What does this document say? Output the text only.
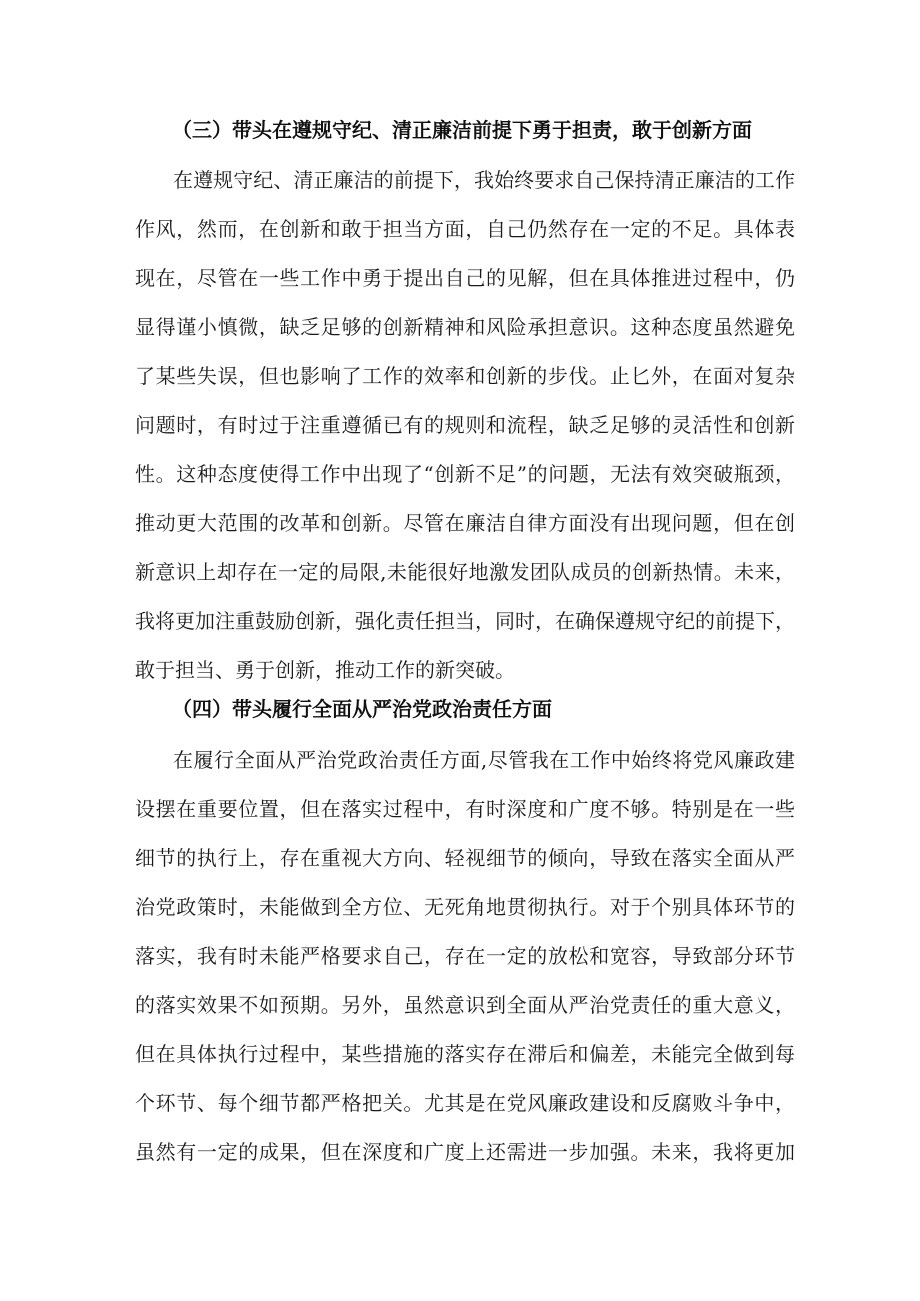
（三）带头在遵规守纪、清正廉洁前提下勇于担责，敢于创新方面
在遵规守纪、清正廉洁的前提下，我始终要求自己保持清正廉洁的工作
作风，然而，在创新和敢于担当方面，自己仍然存在一定的不足。具体表
现在，尽管在一些工作中勇于提出自己的见解，但在具体推进过程中，仍
显得谨小慎微，缺乏足够的创新精神和风险承担意识。这种态度虽然避免
了某些失误，但也影响了工作的效率和创新的步伐。止匕外，在面对复杂
问题时，有时过于注重遵循已有的规则和流程，缺乏足够的灵活性和创新
性。这种态度使得工作中出现了“创新不足”的问题，无法有效突破瓶颈，
推动更大范围的改革和创新。尽管在廉洁自律方面没有出现问题，但在创
新意识上却存在一定的局限,未能很好地激发团队成员的创新热情。未来，
我将更加注重鼓励创新，强化责任担当，同时，在确保遵规守纪的前提下，
敢于担当、勇于创新，推动工作的新突破。
（四）带头履行全面从严治党政治责任方面
在履行全面从严治党政治责任方面,尽管我在工作中始终将党风廉政建
设摆在重要位置，但在落实过程中，有时深度和广度不够。特别是在一些
细节的执行上，存在重视大方向、轻视细节的倾向，导致在落实全面从严
治党政策时，未能做到全方位、无死角地贯彻执行。对于个别具体环节的
落实，我有时未能严格要求自己，存在一定的放松和宽容，导致部分环节
的落实效果不如预期。另外，虽然意识到全面从严治党责任的重大意义，
但在具体执行过程中，某些措施的落实存在滞后和偏差，未能完全做到每
个环节、每个细节都严格把关。尤其是在党风廉政建设和反腐败斗争中，
虽然有一定的成果，但在深度和广度上还需进一步加强。未来，我将更加
